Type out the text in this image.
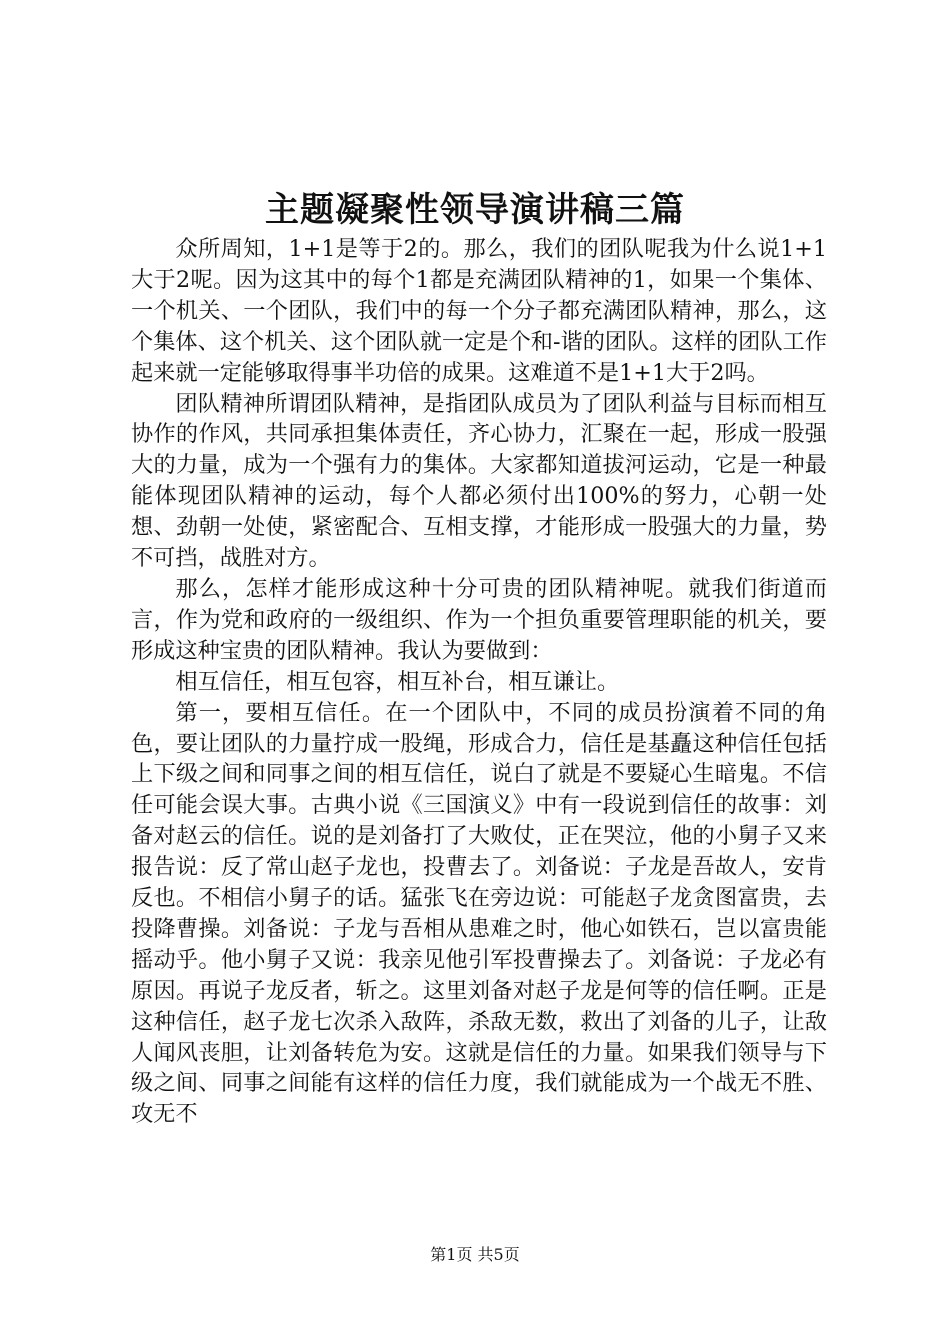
主题凝聚性领导演讲稿三篇

众所周知，1+1是等于2的。那么，我们的团队呢我为什么说1+1大于2呢。因为这其中的每个1都是充满团队精神的1，如果一个集体、一个机关、一个团队，我们中的每一个分子都充满团队精神，那么，这个集体、这个机关、这个团队就一定是个和-谐的团队。这样的团队工作起来就一定能够取得事半功倍的成果。这难道不是1+1大于2吗。

团队精神所谓团队精神，是指团队成员为了团队利益与目标而相互协作的作风，共同承担集体责任，齐心协力，汇聚在一起，形成一股强大的力量，成为一个强有力的集体。大家都知道拔河运动，它是一种最能体现团队精神的运动，每个人都必须付出100%的努力，心朝一处想、劲朝一处使，紧密配合、互相支撑，才能形成一股强大的力量，势不可挡，战胜对方。

那么，怎样才能形成这种十分可贵的团队精神呢。就我们街道而言，作为党和政府的一级组织、作为一个担负重要管理职能的机关，要形成这种宝贵的团队精神。我认为要做到：

相互信任，相互包容，相互补台，相互谦让。

第一，要相互信任。在一个团队中，不同的成员扮演着不同的角色，要让团队的力量拧成一股绳，形成合力，信任是基矗这种信任包括上下级之间和同事之间的相互信任，说白了就是不要疑心生暗鬼。不信任可能会误大事。古典小说《三国演义》中有一段说到信任的故事：刘备对赵云的信任。说的是刘备打了大败仗，正在哭泣，他的小舅子又来报告说：反了常山赵子龙也，投曹去了。刘备说：子龙是吾故人，安肯反也。不相信小舅子的话。猛张飞在旁边说：可能赵子龙贪图富贵，去投降曹操。刘备说：子龙与吾相从患难之时，他心如铁石，岂以富贵能摇动乎。他小舅子又说：我亲见他引军投曹操去了。刘备说：子龙必有原因。再说子龙反者，斩之。这里刘备对赵子龙是何等的信任啊。正是这种信任，赵子龙七次杀入敌阵，杀敌无数，救出了刘备的儿子，让敌人闻风丧胆，让刘备转危为安。这就是信任的力量。如果我们领导与下级之间、同事之间能有这样的信任力度，我们就能成为一个战无不胜、攻无不

第1页 共5页
